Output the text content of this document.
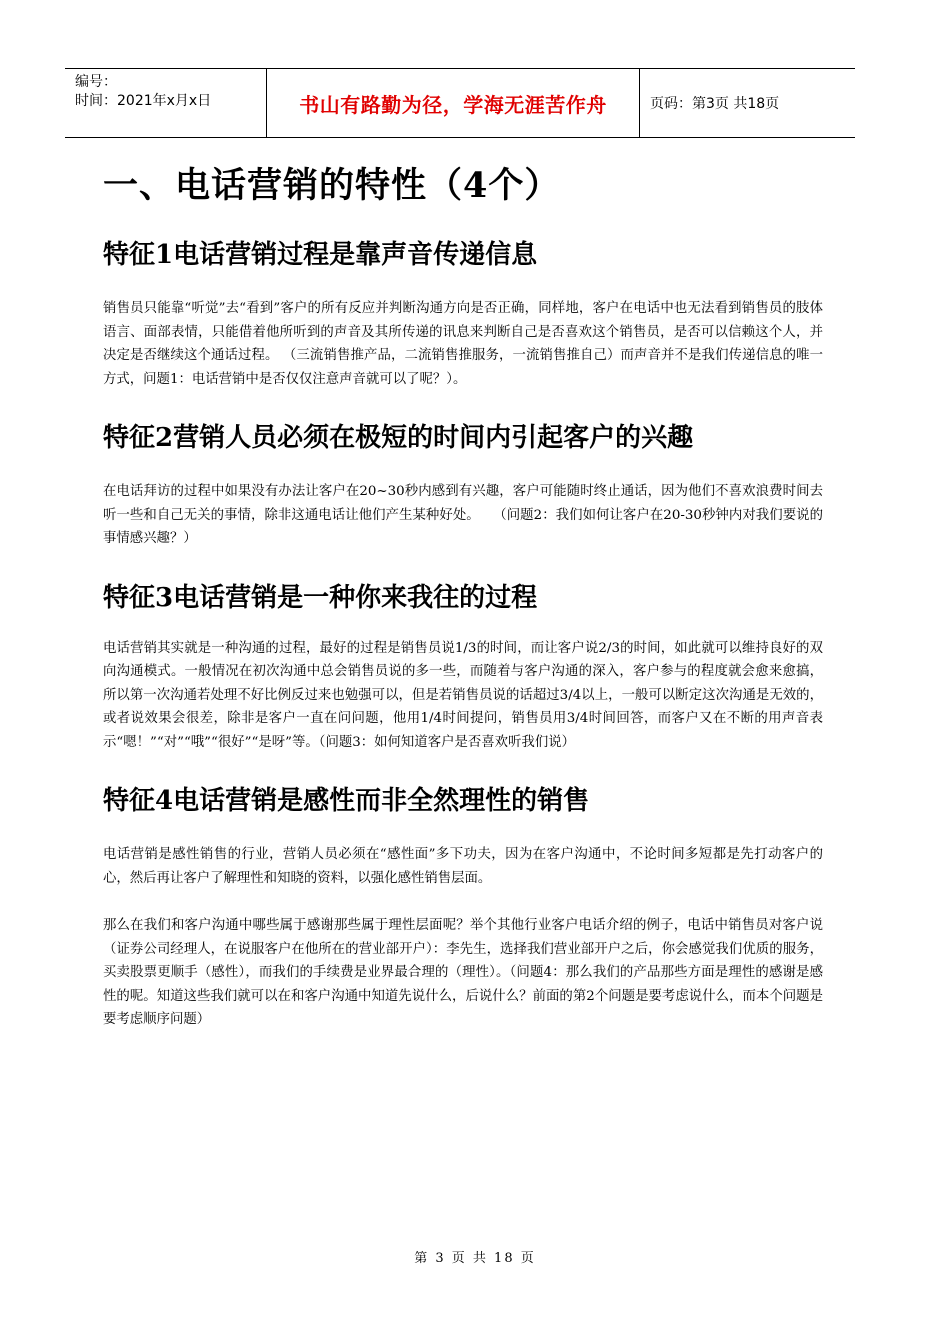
编号：
时间：2021年x月x日	书山有路勤为径，学海无涯苦作舟	页码：第3页 共18页
一、电话营销的特性（4个）
特征1电话营销过程是靠声音传递信息

销售员只能靠“听觉”去“看到”客户的所有反应并判断沟通方向是否正确，同样地，客户在电话中也无法看到销售员的肢体语言、面部表情，只能借着他所听到的声音及其所传递的讯息来判断自己是否喜欢这个销售员，是否可以信赖这个人，并决定是否继续这个通话过程。 （三流销售推产品，二流销售推服务，一流销售推自己）而声音并不是我们传递信息的唯一方式，问题1：电话营销中是否仅仅注意声音就可以了呢？）。

特征2营销人员必须在极短的时间内引起客户的兴趣

在电话拜访的过程中如果没有办法让客户在20~30秒内感到有兴趣，客户可能随时终止通话，因为他们不喜欢浪费时间去听一些和自己无关的事情，除非这通电话让他们产生某种好处。　　（问题2：我们如何让客户在20-30秒钟内对我们要说的事情感兴趣？）

特征3电话营销是一种你来我往的过程

电话营销其实就是一种沟通的过程，最好的过程是销售员说1/3的时间，而让客户说2/3的时间，如此就可以维持良好的双向沟通模式。一般情况在初次沟通中总会销售员说的多一些，而随着与客户沟通的深入，客户参与的程度就会愈来愈搞，所以第一次沟通若处理不好比例反过来也勉强可以，但是若销售员说的话超过3/4以上，一般可以断定这次沟通是无效的，或者说效果会很差，除非是客户一直在问问题，他用1/4时间提问，销售员用3/4时间回答，而客户又在不断的用声音表示“嗯！”“对”“哦”“很好”“是呀”等。（问题3：如何知道客户是否喜欢听我们说）

特征4电话营销是感性而非全然理性的销售

电话营销是感性销售的行业，营销人员必须在“感性面”多下功夫，因为在客户沟通中，不论时间多短都是先打动客户的心，然后再让客户了解理性和知晓的资料，以强化感性销售层面。

那么在我们和客户沟通中哪些属于感谢那些属于理性层面呢？举个其他行业客户电话介绍的例子，电话中销售员对客户说（证券公司经理人，在说服客户在他所在的营业部开户）：李先生，选择我们营业部开户之后，你会感觉我们优质的服务，买卖股票更顺手（感性），而我们的手续费是业界最合理的（理性）。（问题4：那么我们的产品那些方面是理性的感谢是感性的呢。知道这些我们就可以在和客户沟通中知道先说什么，后说什么？前面的第2个问题是要考虑说什么，而本个问题是要考虑顺序问题）

第 3 页 共 18 页
